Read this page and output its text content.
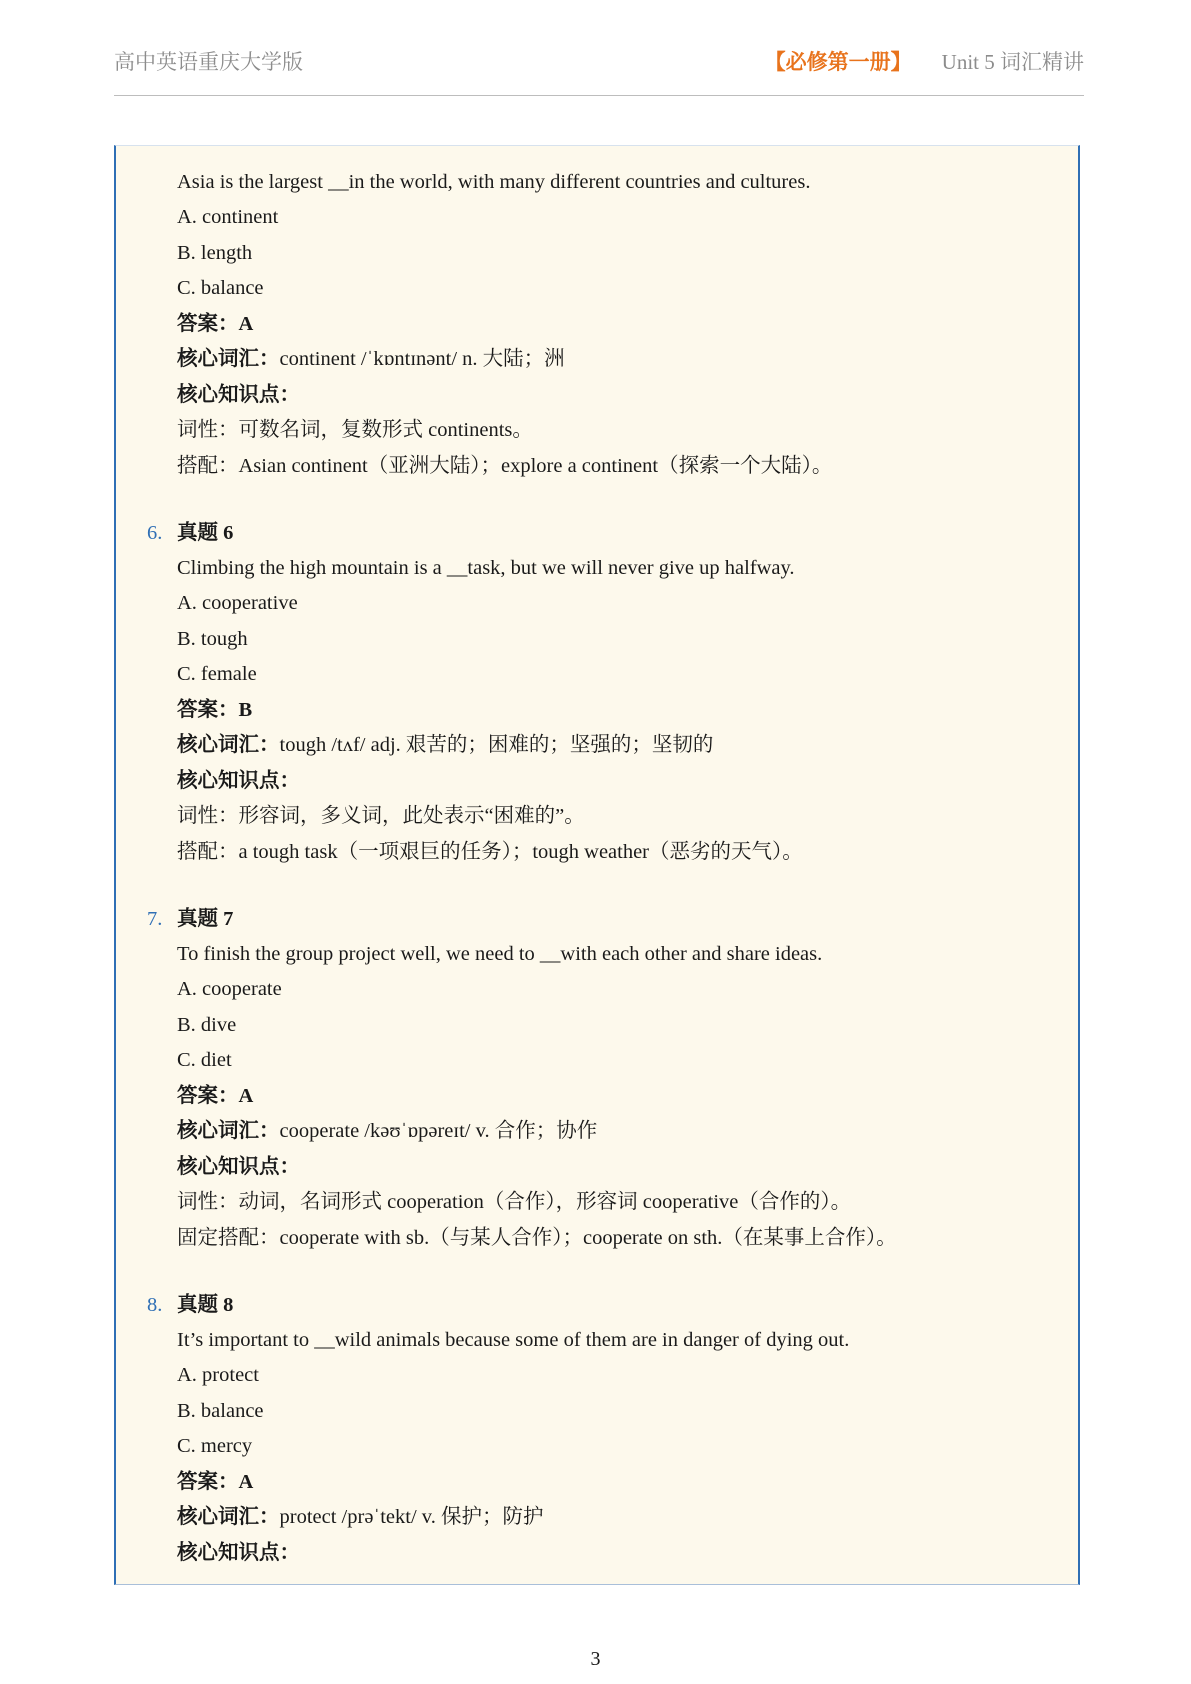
高中英语重庆大学版	【必修第一册】 Unit 5 词汇精讲
Asia is the largest __in the world, with many different countries and cultures.
A. continent
B. length
C. balance
答案：A
核心词汇：continent /ˈkɒntɪnənt/ n. 大陆；洲
核心知识点：
词性：可数名词，复数形式 continents。
搭配：Asian continent（亚洲大陆）；explore a continent（探索一个大陆）。
6. 真题 6
Climbing the high mountain is a __task, but we will never give up halfway.
A. cooperative
B. tough
C. female
答案：B
核心词汇：tough /tʌf/ adj. 艰苦的；困难的；坚强的；坚韧的
核心知识点：
词性：形容词，多义词，此处表示“困难的”。
搭配：a tough task（一项艰巨的任务）；tough weather（恶劣的天气）。
7. 真题 7
To finish the group project well, we need to __with each other and share ideas.
A. cooperate
B. dive
C. diet
答案：A
核心词汇：cooperate /kəʊˈɒpəreɪt/ v. 合作；协作
核心知识点：
词性：动词，名词形式 cooperation（合作），形容词 cooperative（合作的）。
固定搭配：cooperate with sb.（与某人合作）；cooperate on sth.（在某事上合作）。
8. 真题 8
It’s important to __wild animals because some of them are in danger of dying out.
A. protect
B. balance
C. mercy
答案：A
核心词汇：protect /prəˈtekt/ v. 保护；防护
核心知识点：
3
